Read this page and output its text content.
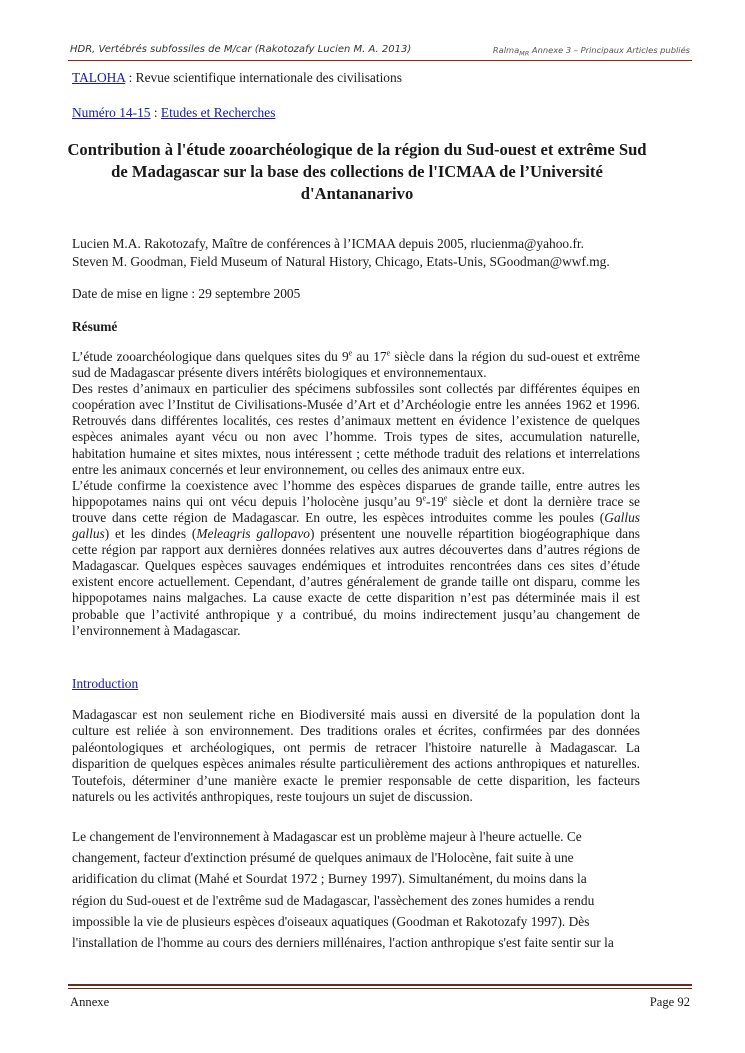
HDR, Vertébrés subfossiles de M/car (Rakotozafy Lucien M. A. 2013)	Ralma$_{MR}$ Annexe 3 – Principaux Articles publiés
TALOHA : Revue scientifique internationale des civilisations
Numéro 14-15 : Etudes et Recherches
Contribution à l'étude zooarchéologique de la région du Sud-ouest et extrême Sud
de Madagascar sur la base des collections de l'ICMAA de l’Université
d'Antananarivo
Lucien M.A. Rakotozafy, Maître de conférences à l’ICMAA depuis 2005, rlucienma@yahoo.fr.
Steven M. Goodman, Field Museum of Natural History, Chicago, Etats-Unis, SGoodman@wwf.mg.
Date de mise en ligne : 29 septembre 2005
Résumé

L’étude zooarchéologique dans quelques sites du 9e au 17e siècle dans la région du sud-ouest et extrême sud de Madagascar présente divers intérêts biologiques et environnementaux.

Des restes d’animaux en particulier des spécimens subfossiles sont collectés par différentes équipes en coopération avec l’Institut de Civilisations-Musée d’Art et d’Archéologie entre les années 1962 et 1996. Retrouvés dans différentes localités, ces restes d’animaux mettent en évidence l’existence de quelques espèces animales ayant vécu ou non avec l’homme. Trois types de sites, accumulation naturelle, habitation humaine et sites mixtes, nous intéressent ; cette méthode traduit des relations et interrelations entre les animaux concernés et leur environnement, ou celles des animaux entre eux.

L’étude confirme la coexistence avec l’homme des espèces disparues de grande taille, entre autres les hippopotames nains qui ont vécu depuis l’holocène jusqu’au 9e-19e siècle et dont la dernière trace se trouve dans cette région de Madagascar. En outre, les espèces introduites comme les poules (Gallus gallus) et les dindes (Meleagris gallopavo) présentent une nouvelle répartition biogéographique dans cette région par rapport aux dernières données relatives aux autres découvertes dans d’autres régions de Madagascar. Quelques espèces sauvages endémiques et introduites rencontrées dans ces sites d’étude existent encore actuellement. Cependant, d’autres généralement de grande taille ont disparu, comme les hippopotames nains malgaches. La cause exacte de cette disparition n’est pas déterminée mais il est probable que l’activité anthropique y a contribué, du moins indirectement jusqu’au changement de l’environnement à Madagascar.

Introduction
Madagascar est non seulement riche en Biodiversité mais aussi en diversité de la population dont la culture est reliée à son environnement. Des traditions orales et écrites, confirmées par des données paléontologiques et archéologiques, ont permis de retracer l'histoire naturelle à Madagascar. La disparition de quelques espèces animales résulte particulièrement des actions anthropiques et naturelles. Toutefois, déterminer d’une manière exacte le premier responsable de cette disparition, les facteurs naturels ou les activités anthropiques, reste toujours un sujet de discussion.
Le changement de l'environnement à Madagascar est un problème majeur à l'heure actuelle. Ce
changement, facteur d'extinction présumé de quelques animaux de l'Holocène, fait suite à une
aridification du climat (Mahé et Sourdat 1972 ; Burney 1997). Simultanément, du moins dans la
région du Sud-ouest et de l'extrême sud de Madagascar, l'assèchement des zones humides a rendu
impossible la vie de plusieurs espèces d'oiseaux aquatiques (Goodman et Rakotozafy 1997). Dès
l'installation de l'homme au cours des derniers millénaires, l'action anthropique s'est faite sentir sur la
Annexe	Page 92
